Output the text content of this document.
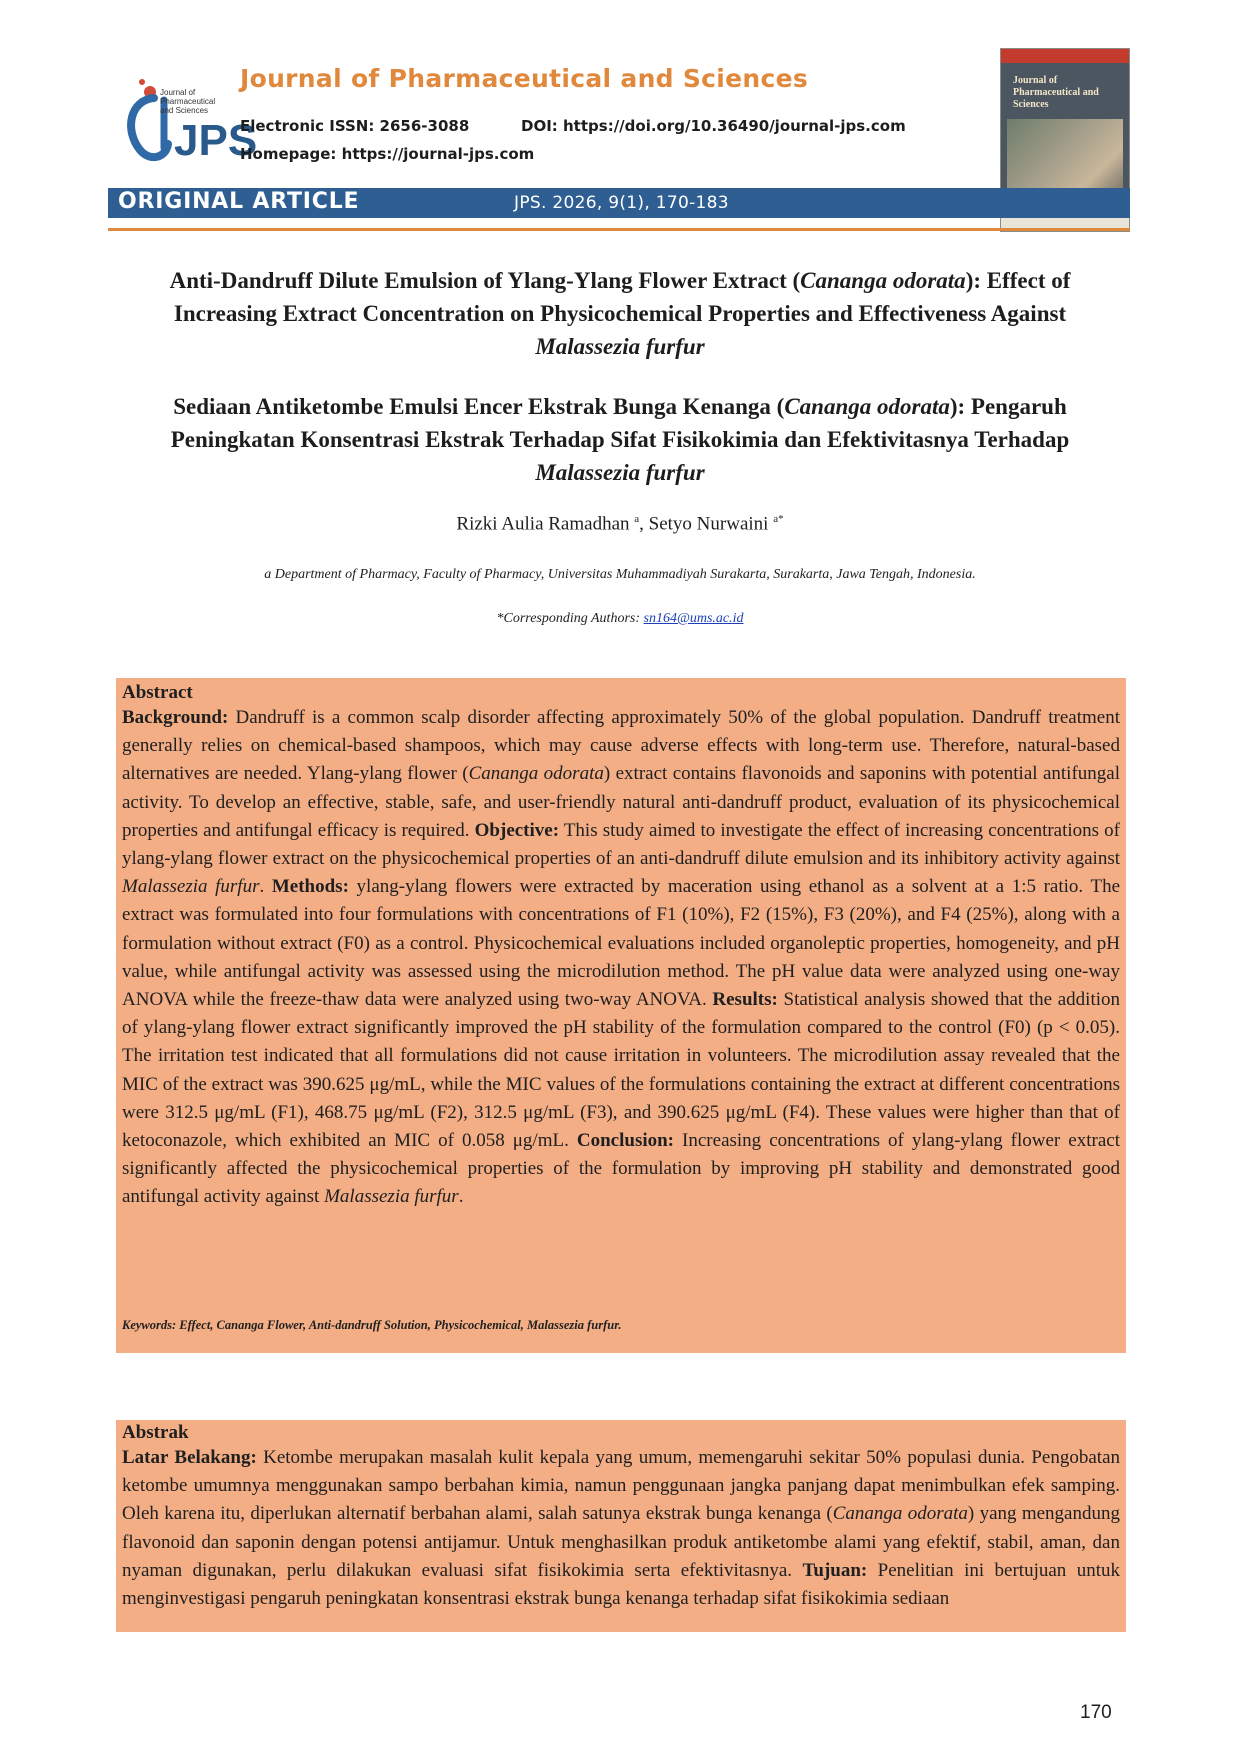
Journal of Pharmaceutical and Sciences
JPS
Journal of Pharmaceutical and Sciences
Electronic ISSN: 2656-3088	DOI: https://doi.org/10.36490/journal-jps.com
Homepage: https://journal-jps.com
Journal of Pharmaceutical and Sciences
ORIGINAL ARTICLE	JPS. 2026, 9(1), 170-183
Anti-Dandruff Dilute Emulsion of Ylang-Ylang Flower Extract (Cananga odorata): Effect of Increasing Extract Concentration on Physicochemical Properties and Effectiveness Against Malassezia furfur
Sediaan Antiketombe Emulsi Encer Ekstrak Bunga Kenanga (Cananga odorata): Pengaruh Peningkatan Konsentrasi Ekstrak Terhadap Sifat Fisikokimia dan Efektivitasnya Terhadap Malassezia furfur
Rizki Aulia Ramadhan $^a$, Setyo Nurwaini $^{a*}$
a Department of Pharmacy, Faculty of Pharmacy, Universitas Muhammadiyah Surakarta, Surakarta, Jawa Tengah, Indonesia.
*Corresponding Authors: sn164@ums.ac.id
Abstract

Background: Dandruff is a common scalp disorder affecting approximately 50% of the global population. Dandruff treatment generally relies on chemical-based shampoos, which may cause adverse effects with long-term use. Therefore, natural-based alternatives are needed. Ylang-ylang flower (Cananga odorata) extract contains flavonoids and saponins with potential antifungal activity. To develop an effective, stable, safe, and user-friendly natural anti-dandruff product, evaluation of its physicochemical properties and antifungal efficacy is required. Objective: This study aimed to investigate the effect of increasing concentrations of ylang-ylang flower extract on the physicochemical properties of an anti-dandruff dilute emulsion and its inhibitory activity against Malassezia furfur. Methods: ylang-ylang flowers were extracted by maceration using ethanol as a solvent at a 1:5 ratio. The extract was formulated into four formulations with concentrations of F1 (10%), F2 (15%), F3 (20%), and F4 (25%), along with a formulation without extract (F0) as a control. Physicochemical evaluations included organoleptic properties, homogeneity, and pH value, while antifungal activity was assessed using the microdilution method. The pH value data were analyzed using one-way ANOVA while the freeze-thaw data were analyzed using two-way ANOVA. Results: Statistical analysis showed that the addition of ylang-ylang flower extract significantly improved the pH stability of the formulation compared to the control (F0) (p < 0.05). The irritation test indicated that all formulations did not cause irritation in volunteers. The microdilution assay revealed that the MIC of the extract was 390.625 μg/mL, while the MIC values of the formulations containing the extract at different concentrations were 312.5 μg/mL (F1), 468.75 μg/mL (F2), 312.5 μg/mL (F3), and 390.625 μg/mL (F4). These values were higher than that of ketoconazole, which exhibited an MIC of 0.058 μg/mL. Conclusion: Increasing concentrations of ylang-ylang flower extract significantly affected the physicochemical properties of the formulation by improving pH stability and demonstrated good antifungal activity against Malassezia furfur.

Keywords: Effect, Cananga Flower, Anti-dandruff Solution, Physicochemical, Malassezia furfur.
Abstrak

Latar Belakang: Ketombe merupakan masalah kulit kepala yang umum, memengaruhi sekitar 50% populasi dunia. Pengobatan ketombe umumnya menggunakan sampo berbahan kimia, namun penggunaan jangka panjang dapat menimbulkan efek samping. Oleh karena itu, diperlukan alternatif berbahan alami, salah satunya ekstrak bunga kenanga (Cananga odorata) yang mengandung flavonoid dan saponin dengan potensi antijamur. Untuk menghasilkan produk antiketombe alami yang efektif, stabil, aman, dan nyaman digunakan, perlu dilakukan evaluasi sifat fisikokimia serta efektivitasnya. Tujuan: Penelitian ini bertujuan untuk menginvestigasi pengaruh peningkatan konsentrasi ekstrak bunga kenanga terhadap sifat fisikokimia sediaan

170
